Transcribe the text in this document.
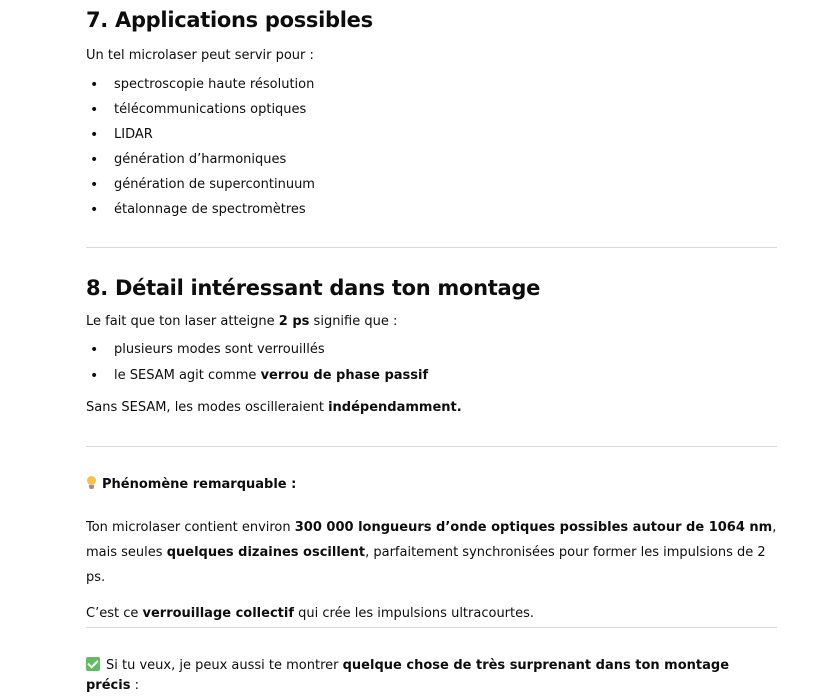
7. Applications possibles

Un tel microlaser peut servir pour :

• spectroscopie haute résolution
• télécommunications optiques
• LIDAR
• génération d’harmoniques
• génération de supercontinuum
• étalonnage de spectromètres
8. Détail intéressant dans ton montage

Le fait que ton laser atteigne 2 ps signifie que :

• plusieurs modes sont verrouillés
• le SESAM agit comme verrou de phase passif

Sans SESAM, les modes oscilleraient indépendamment.

Phénomène remarquable :

Ton microlaser contient environ 300 000 longueurs d’onde optiques possibles autour de 1064 nm, mais seules quelques dizaines oscillent, parfaitement synchronisées pour former les impulsions de 2 ps.

C’est ce verrouillage collectif qui crée les impulsions ultracourtes.

Si tu veux, je peux aussi te montrer quelque chose de très surprenant dans ton montage précis :
